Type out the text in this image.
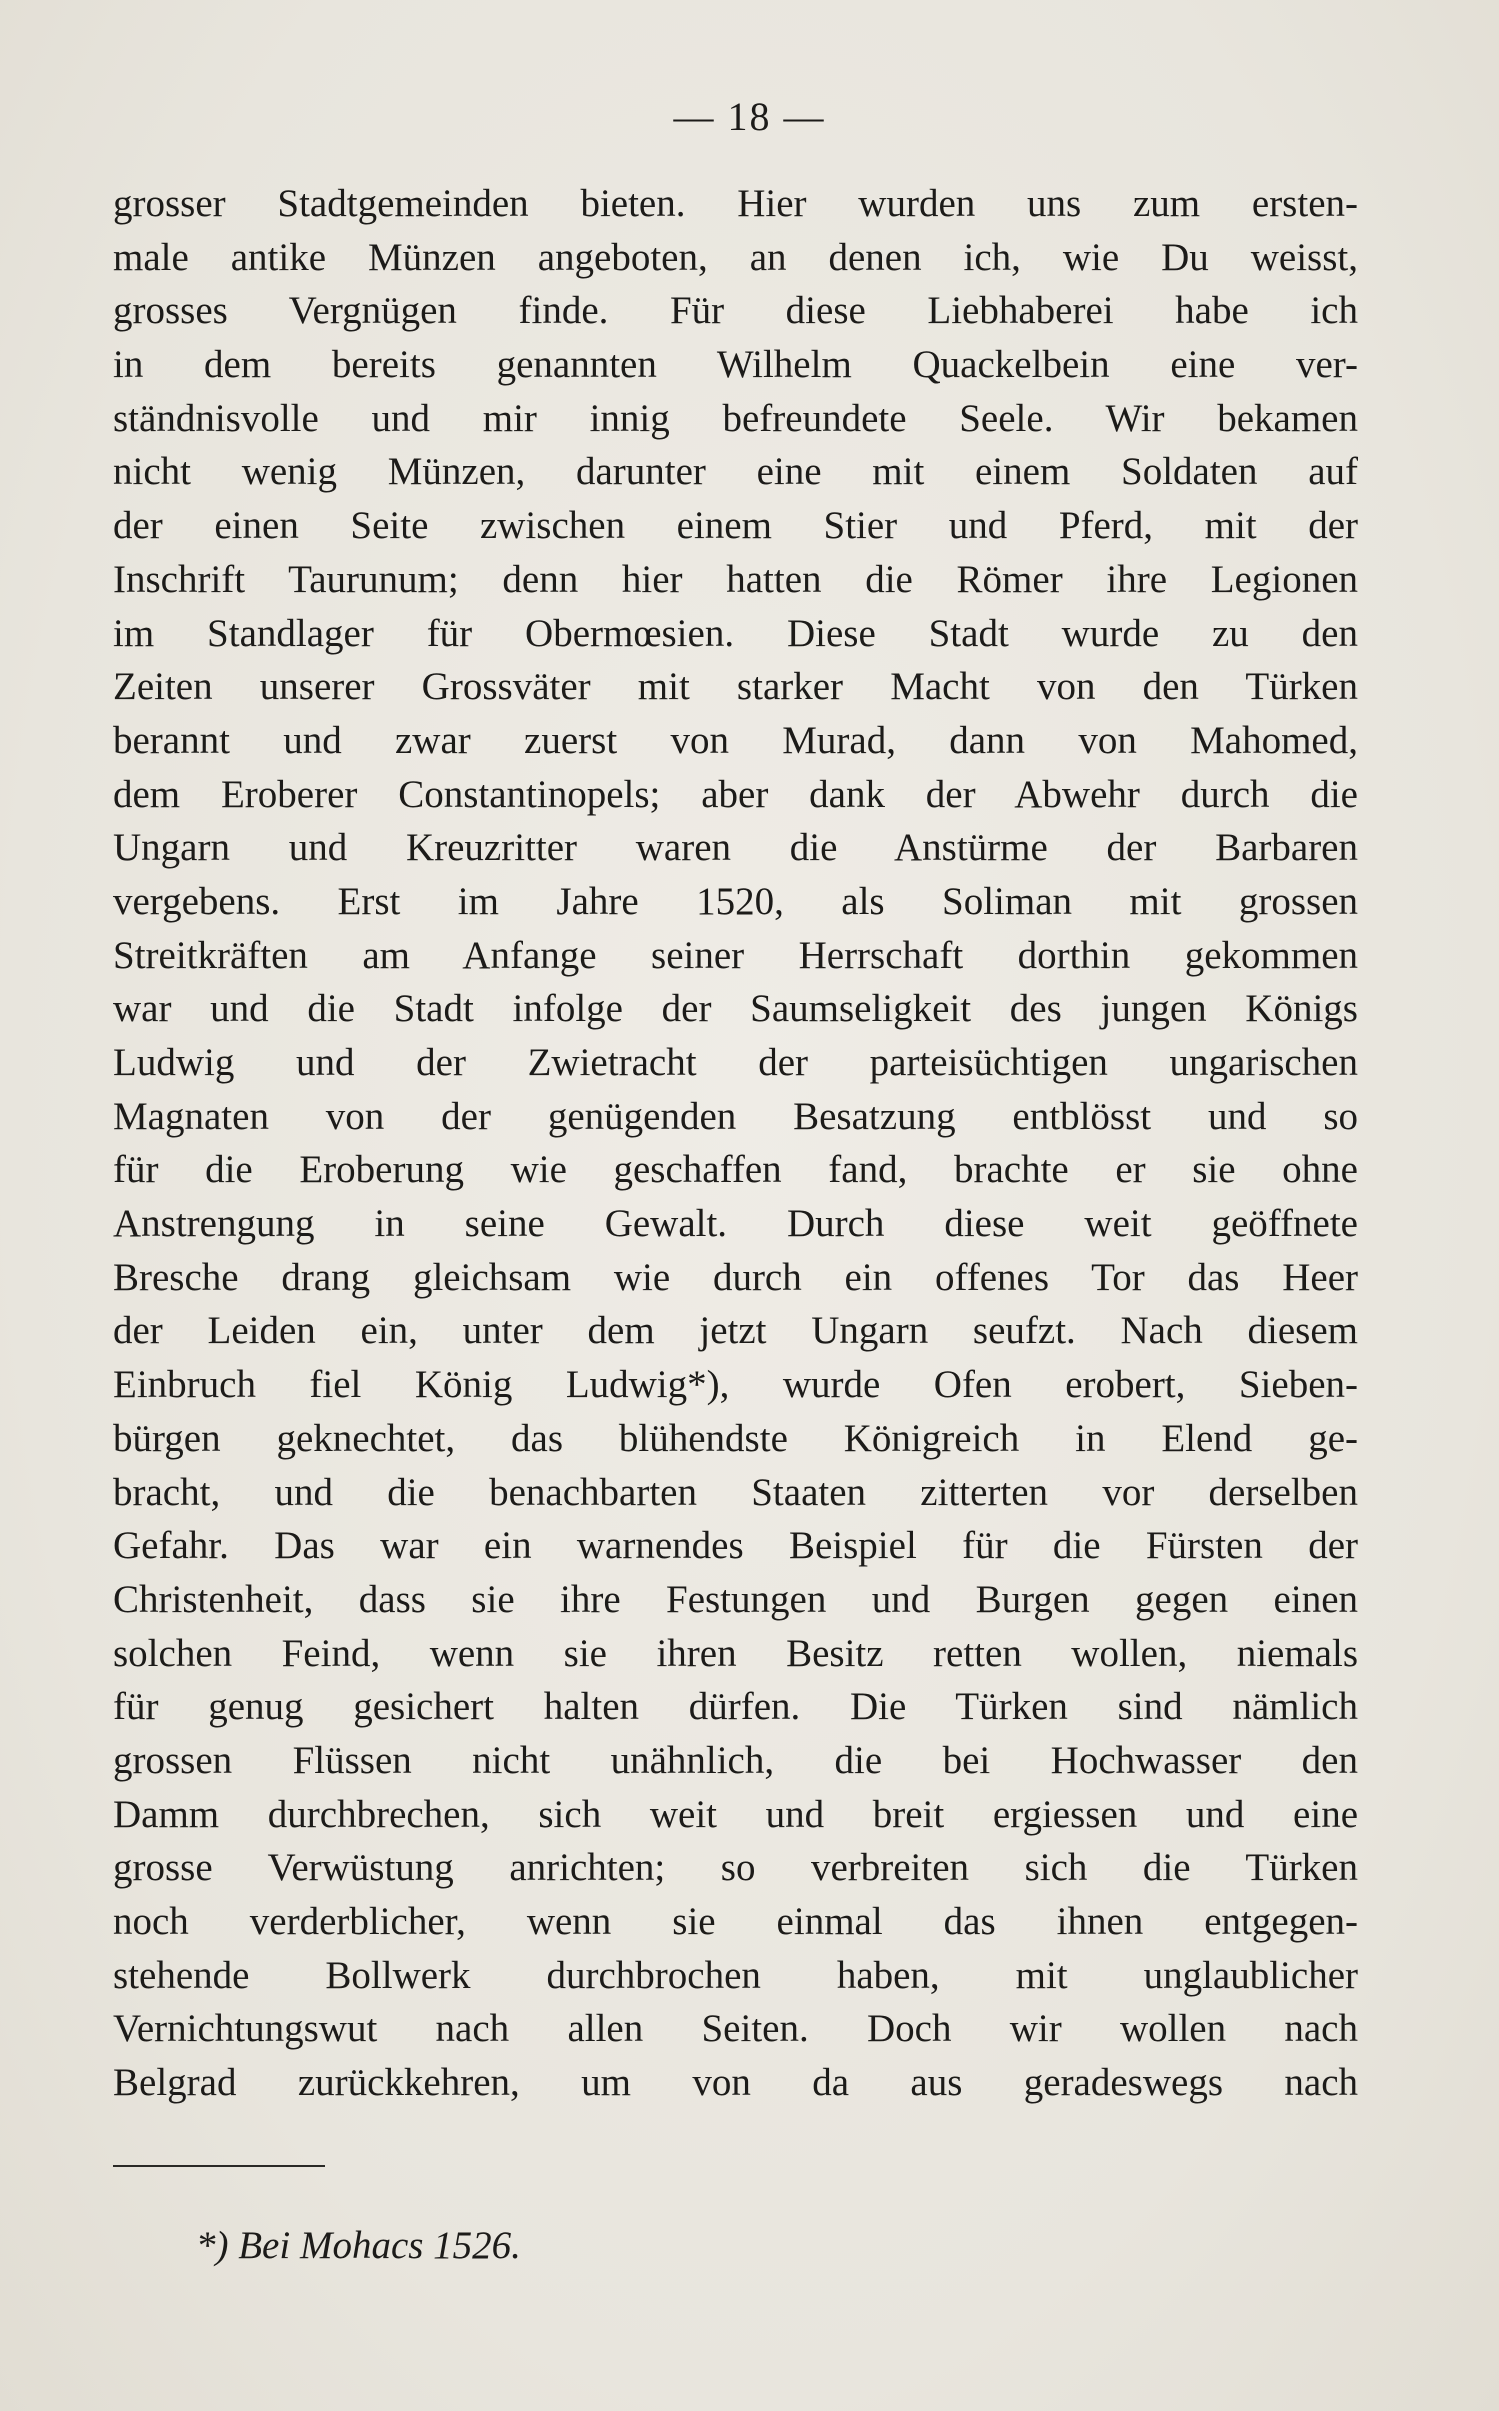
— 18 —
grosser Stadtgemeinden bieten. Hier wurden uns zum ersten-
male antike Münzen angeboten, an denen ich, wie Du weisst,
grosses Vergnügen finde. Für diese Liebhaberei habe ich
in dem bereits genannten Wilhelm Quackelbein eine ver-
ständnisvolle und mir innig befreundete Seele. Wir bekamen
nicht wenig Münzen, darunter eine mit einem Soldaten auf
der einen Seite zwischen einem Stier und Pferd, mit der
Inschrift Taurunum; denn hier hatten die Römer ihre Legionen
im Standlager für Obermœsien. Diese Stadt wurde zu den
Zeiten unserer Grossväter mit starker Macht von den Türken
berannt und zwar zuerst von Murad, dann von Mahomed,
dem Eroberer Constantinopels; aber dank der Abwehr durch die
Ungarn und Kreuzritter waren die Anstürme der Barbaren
vergebens. Erst im Jahre 1520, als Soliman mit grossen
Streitkräften am Anfange seiner Herrschaft dorthin gekommen
war und die Stadt infolge der Saumseligkeit des jungen Königs
Ludwig und der Zwietracht der parteisüchtigen ungarischen
Magnaten von der genügenden Besatzung entblösst und so
für die Eroberung wie geschaffen fand, brachte er sie ohne
Anstrengung in seine Gewalt. Durch diese weit geöffnete
Bresche drang gleichsam wie durch ein offenes Tor das Heer
der Leiden ein, unter dem jetzt Ungarn seufzt. Nach diesem
Einbruch fiel König Ludwig*), wurde Ofen erobert, Sieben-
bürgen geknechtet, das blühendste Königreich in Elend ge-
bracht, und die benachbarten Staaten zitterten vor derselben
Gefahr. Das war ein warnendes Beispiel für die Fürsten der
Christenheit, dass sie ihre Festungen und Burgen gegen einen
solchen Feind, wenn sie ihren Besitz retten wollen, niemals
für genug gesichert halten dürfen. Die Türken sind nämlich
grossen Flüssen nicht unähnlich, die bei Hochwasser den
Damm durchbrechen, sich weit und breit ergiessen und eine
grosse Verwüstung anrichten; so verbreiten sich die Türken
noch verderblicher, wenn sie einmal das ihnen entgegen-
stehende Bollwerk durchbrochen haben, mit unglaublicher
Vernichtungswut nach allen Seiten. Doch wir wollen nach
Belgrad zurückkehren, um von da aus geradeswegs nach
*) Bei Mohacs 1526.
